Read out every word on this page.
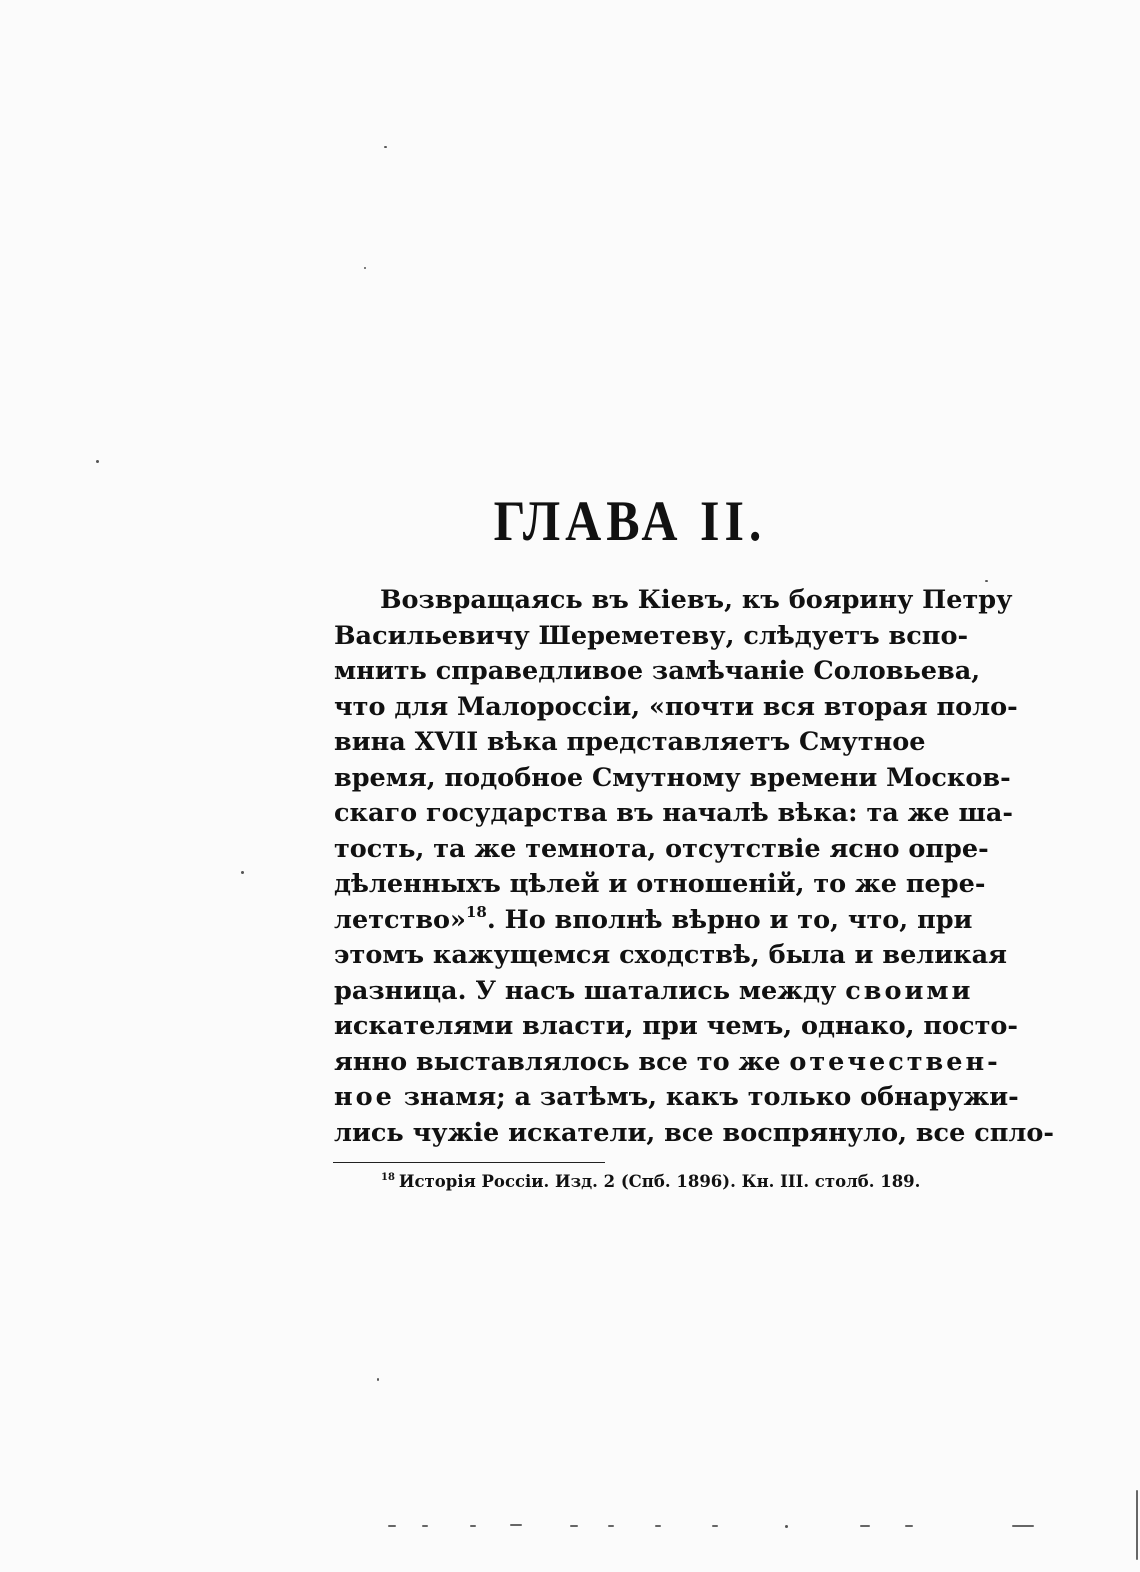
ГЛАВА II.
Возвращаясь въ Кіевъ, къ боярину Петру
Васильевичу Шереметеву, слѣдуетъ вспо-
мнить справедливое замѣчаніе Соловьева,
что для Малороссіи, «почти вся вторая поло-
вина XVII вѣка представляетъ Смутное
время, подобное Смутному времени Москов-
скаго государства въ началѣ вѣка: та же ша-
тость, та же темнота, отсутствіе ясно опре-
дѣленныхъ цѣлей и отношеній, то же пере-
летство»$^{18}$. Но вполнѣ вѣрно и то, что, при
этомъ кажущемся сходствѣ, была и великая
разница. У насъ шатались между своими
искателями власти, при чемъ, однако, посто-
янно выставлялось все то же отечествен-
ное знамя; а затѣмъ, какъ только обнаружи-
лись чужіе искатели, все воспрянуло, все сплo-

$^{18}$ Исторія Россіи. Изд. 2 (Спб. 1896). Кн. III. столб. 189.
